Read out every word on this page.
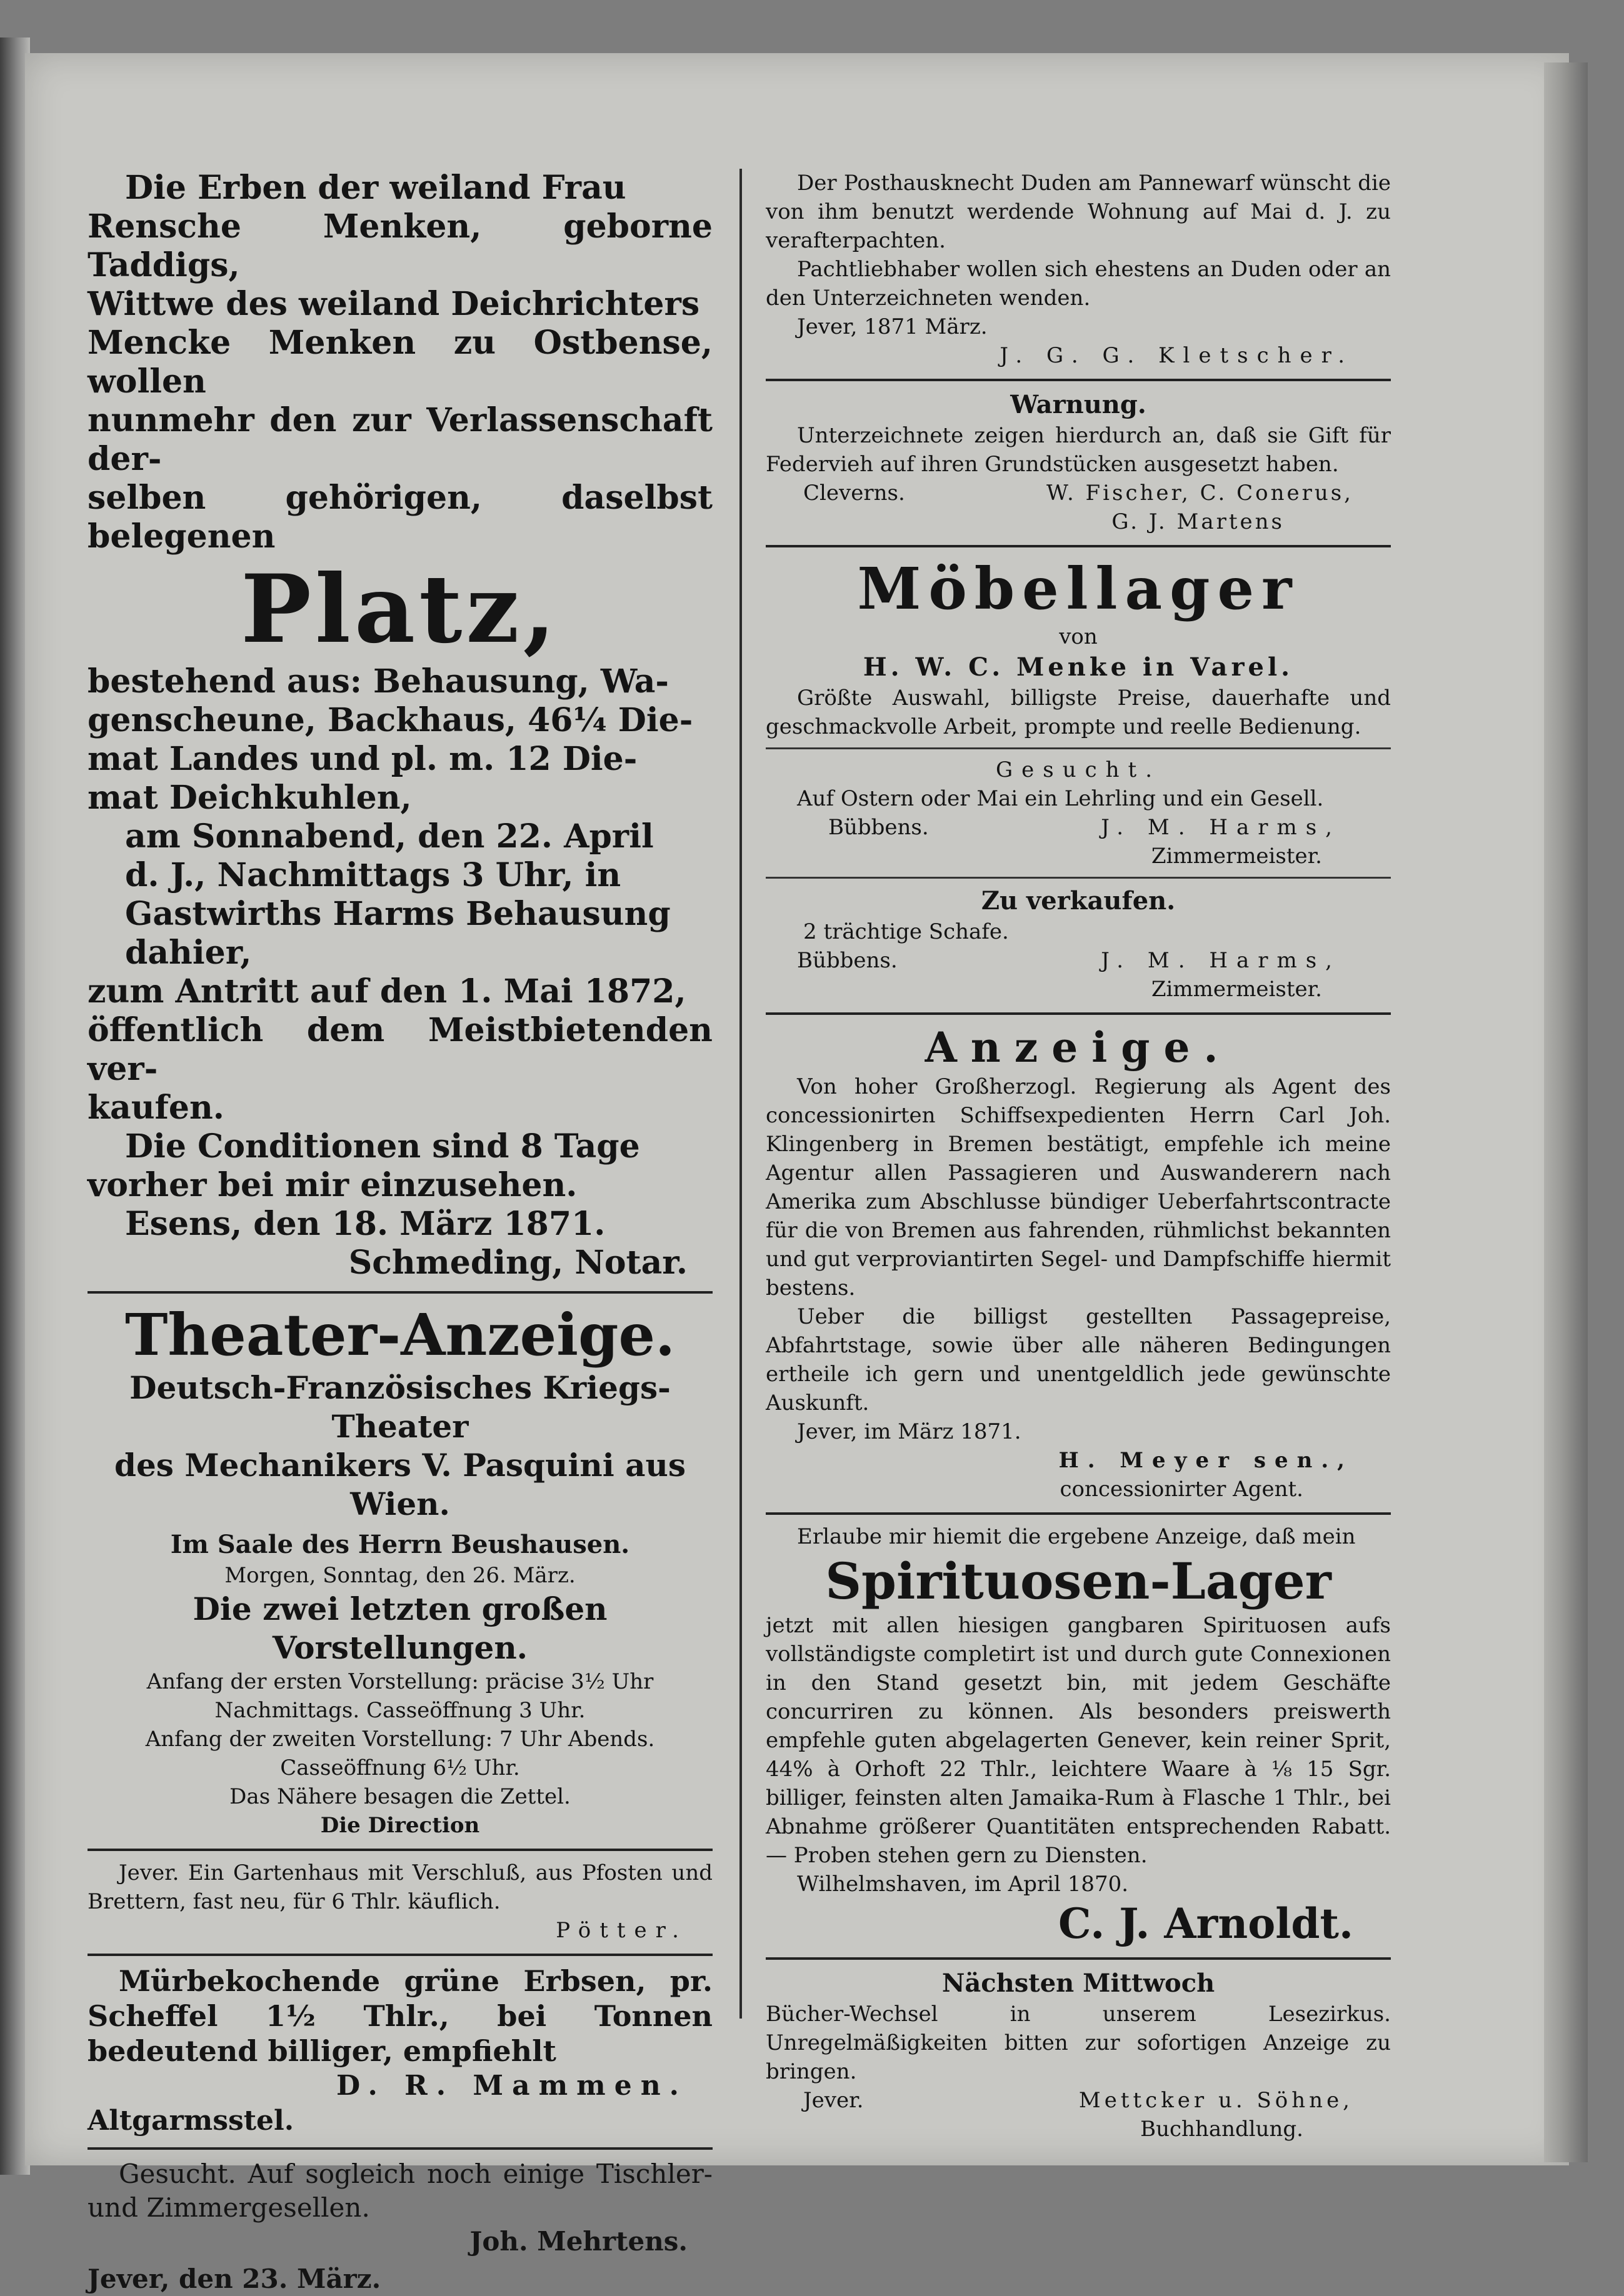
Die Erben der weiland Frau
Rensche Menken, geborne Taddigs,
Wittwe des weiland Deichrichters
Mencke Menken zu Ostbense, wollen
nunmehr den zur Verlassenschaft der-
selben gehörigen, daselbst belegenen
Platz,
bestehend aus: Behausung, Wa-
genscheune, Backhaus, 46¼ Die-
mat Landes und pl. m. 12 Die-
mat Deichkuhlen,
am Sonnabend, den 22. April
d. J., Nachmittags 3 Uhr, in
Gastwirths Harms Behausung
dahier,
zum Antritt auf den 1. Mai 1872,
öffentlich dem Meistbietenden ver-
kaufen.
Die Conditionen sind 8 Tage
vorher bei mir einzusehen.
Esens, den 18. März 1871.
Schmeding, Notar.
Theater-Anzeige.
Deutsch-Französisches Kriegs-
Theater
des Mechanikers V. Pasquini aus
Wien.
Im Saale des Herrn Beushausen.
Morgen, Sonntag, den 26. März.
Die zwei letzten großen
Vorstellungen.
Anfang der ersten Vorstellung: präcise 3½ Uhr
Nachmittags. Casseöffnung 3 Uhr.
Anfang der zweiten Vorstellung: 7 Uhr Abends.
Casseöffnung 6½ Uhr.
Das Nähere besagen die Zettel.
Die Direction
Jever. Ein Gartenhaus mit Verschluß, aus Pfosten und Brettern, fast neu, für 6 Thlr. käuflich.
Pötter.
Mürbekochende grüne Erbsen, pr. Scheffel 1½ Thlr., bei Tonnen bedeutend billiger, empfiehlt
D. R. Mammen.
Altgarmsstel.
Gesucht. Auf sogleich noch einige Tischler- und Zimmergesellen.
Joh. Mehrtens.
Jever, den 23. März.
Der Posthausknecht Duden am Pannewarf wünscht die von ihm benutzt werdende Wohnung auf Mai d. J. zu verafterpachten.
Pachtliebhaber wollen sich ehestens an Duden oder an den Unterzeichneten wenden.
Jever, 1871 März.
J. G. G. Kletscher.
Warnung.
Unterzeichnete zeigen hierdurch an, daß sie Gift für Federvieh auf ihren Grundstücken ausgesetzt haben.
Cleverns.	W. Fischer, C. Conerus,
G. J. Martens
Möbellager
von
H. W. C. Menke in Varel.
Größte Auswahl, billigste Preise, dauerhafte und geschmackvolle Arbeit, prompte und reelle Bedienung.
Gesucht.
Auf Ostern oder Mai ein Lehrling und ein Gesell.
Bübbens.	J. M. Harms,
Zimmermeister.
Zu verkaufen.
2 trächtige Schafe.
Bübbens.	J. M. Harms,
Zimmermeister.
Anzeige.
Von hoher Großherzogl. Regierung als Agent des concessionirten Schiffsexpedienten Herrn Carl Joh. Klingenberg in Bremen bestätigt, empfehle ich meine Agentur allen Passagieren und Auswanderern nach Amerika zum Abschlusse bündiger Ueberfahrtscontracte für die von Bremen aus fahrenden, rühmlichst bekannten und gut verproviantirten Segel- und Dampfschiffe hiermit bestens.
Ueber die billigst gestellten Passagepreise, Abfahrtstage, sowie über alle näheren Bedingungen ertheile ich gern und unentgeldlich jede gewünschte Auskunft.
Jever, im März 1871.
H. Meyer sen.,
concessionirter Agent.
Erlaube mir hiemit die ergebene Anzeige, daß mein
Spirituosen-Lager
jetzt mit allen hiesigen gangbaren Spirituosen aufs vollständigste completirt ist und durch gute Connexionen in den Stand gesetzt bin, mit jedem Geschäfte concurriren zu können. Als besonders preiswerth empfehle guten abgelagerten Genever, kein reiner Sprit, 44% à Orhoft 22 Thlr., leichtere Waare à ⅛ 15 Sgr. billiger, feinsten alten Jamaika-Rum à Flasche 1 Thlr., bei Abnahme größerer Quantitäten entsprechenden Rabatt. — Proben stehen gern zu Diensten.
Wilhelmshaven, im April 1870.
C. J. Arnoldt.
Nächsten Mittwoch
Bücher-Wechsel in unserem Lesezirkus. Unregelmäßigkeiten bitten zur sofortigen Anzeige zu bringen.
Jever.	Mettcker u. Söhne,
Buchhandlung.
